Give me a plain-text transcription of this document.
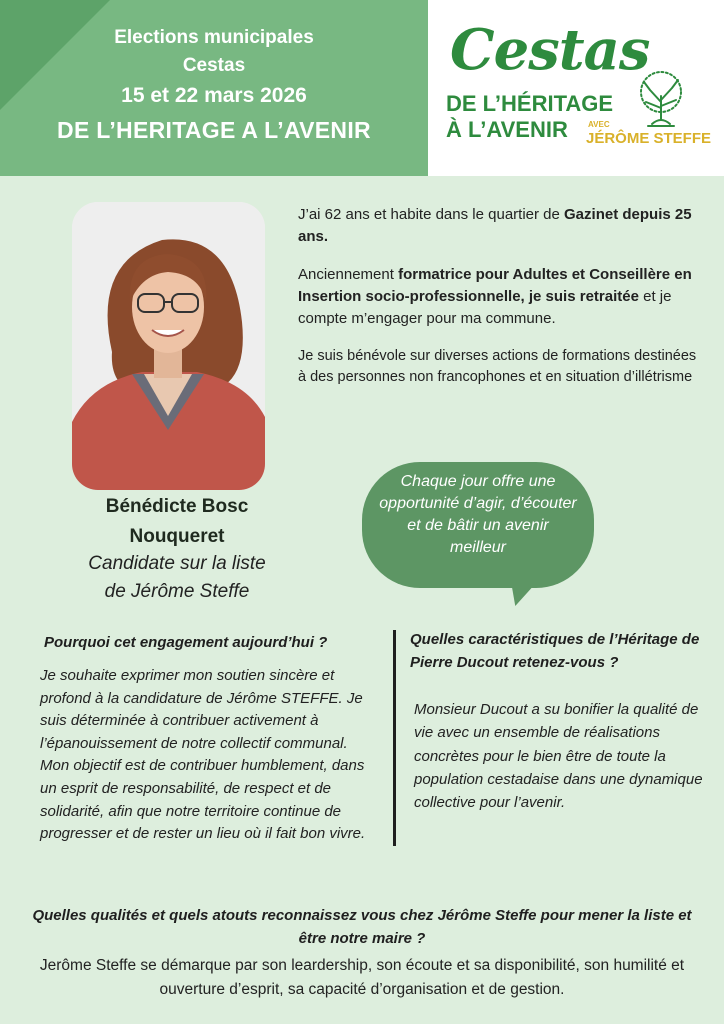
Elections municipales
Cestas
15 et 22 mars 2026
DE L’HERITAGE A L’AVENIR
Cestas
DE L’HÉRITAGE
À L’AVENIR	AVEC
JÉRÔME STEFFE
Bénédicte Bosc
Nouqueret
Candidate sur la liste
de Jérôme Steffe

J’ai 62 ans et habite dans le quartier de Gazinet depuis 25 ans.

Anciennement formatrice pour Adultes et Conseillère en Insertion socio-professionnelle, je suis retraitée et je compte m’engager pour ma commune.

Je suis bénévole sur diverses actions de formations destinées à des personnes non francophones et en situation d’illétrisme

Chaque jour offre une opportunité d’agir, d’écouter et de bâtir un avenir meilleur
Pourquoi cet engagement aujourd’hui ?
Je souhaite exprimer mon soutien sincère et profond à la candidature de Jérôme STEFFE. Je suis déterminée à contribuer activement à l’épanouissement de notre collectif communal. Mon objectif est de contribuer humblement, dans un esprit de responsabilité, de respect et de solidarité, afin que notre territoire continue de progresser et de rester un lieu où il fait bon vivre.
Quelles caractéristiques de l’Héritage de Pierre Ducout retenez-vous ?
Monsieur Ducout a su bonifier la qualité de vie avec un ensemble de réalisations concrètes pour le bien être de toute la population cestadaise dans une dynamique collective pour l’avenir.
Quelles qualités et quels atouts reconnaissez vous chez Jérôme Steffe pour mener la liste et être notre maire ?
Jerôme Steffe se démarque par son leardership, son écoute et sa disponibilité, son humilité et ouverture d’esprit, sa capacité d’organisation et de gestion.
